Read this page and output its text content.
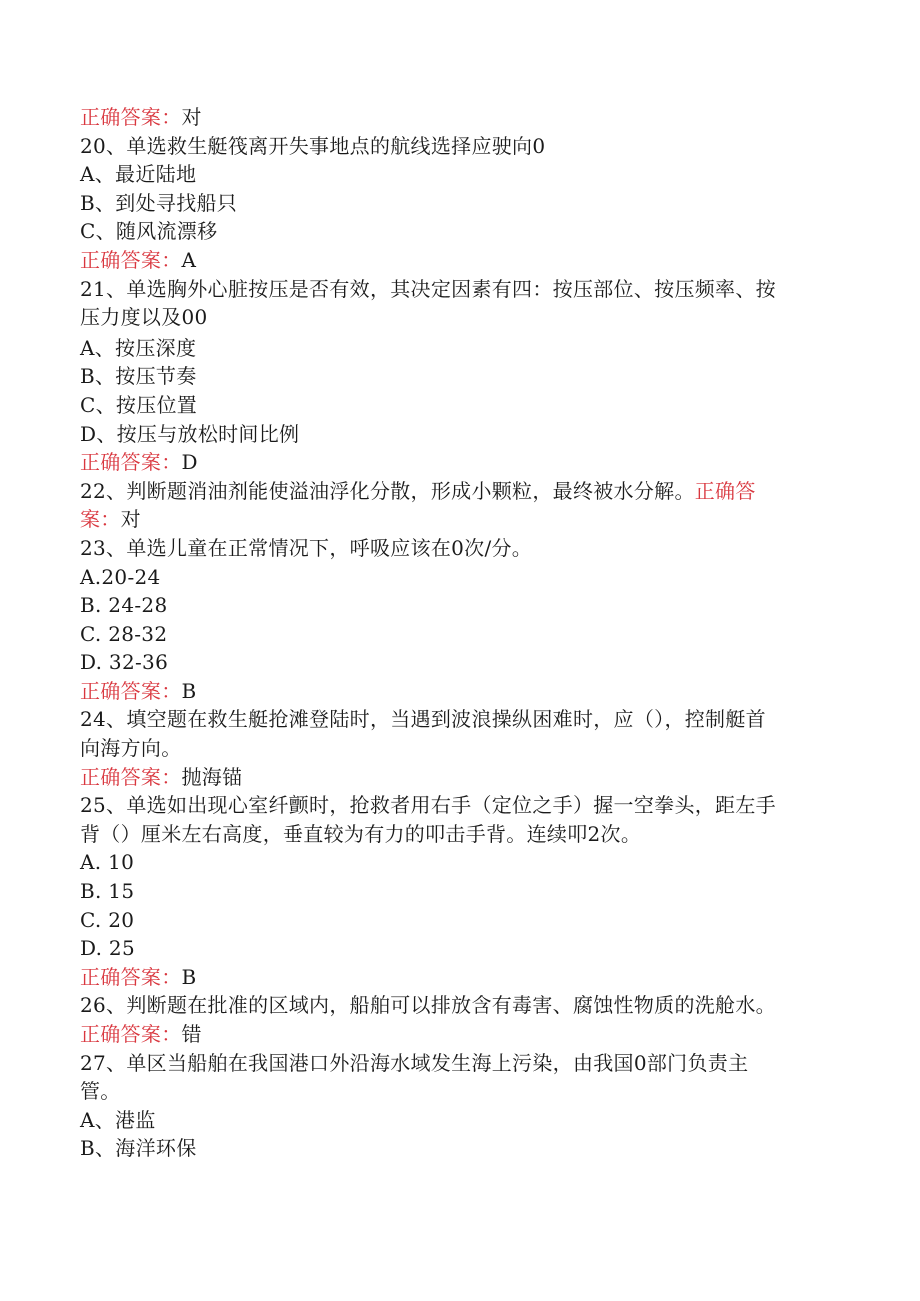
正确答案：对
20、单选救生艇筏离开失事地点的航线选择应驶向0
A、最近陆地
B、到处寻找船只
C、随风流漂移
正确答案：A
21、单选胸外心脏按压是否有效，其决定因素有四：按压部位、按压频率、按
压力度以及00
A、按压深度
B、按压节奏
C、按压位置
D、按压与放松时间比例
正确答案：D
22、判断题消油剂能使溢油浮化分散，形成小颗粒，最终被水分解。正确答
案：对
23、单选儿童在正常情况下，呼吸应该在0次/分。
A.20-24
B. 24-28
C. 28-32
D. 32-36
正确答案：B
24、填空题在救生艇抢滩登陆时，当遇到波浪操纵困难时，应（），控制艇首
向海方向。
正确答案：抛海锚
25、单选如出现心室纤颤时，抢救者用右手（定位之手）握一空拳头，距左手
背（）厘米左右高度，垂直较为有力的叩击手背。连续叩2次。
A. 10
B. 15
C. 20
D. 25
正确答案：B
26、判断题在批准的区域内，船舶可以排放含有毒害、腐蚀性物质的洗舱水。
正确答案：错
27、单区当船舶在我国港口外沿海水域发生海上污染，由我国0部门负责主
管。
A、港监
B、海洋环保
